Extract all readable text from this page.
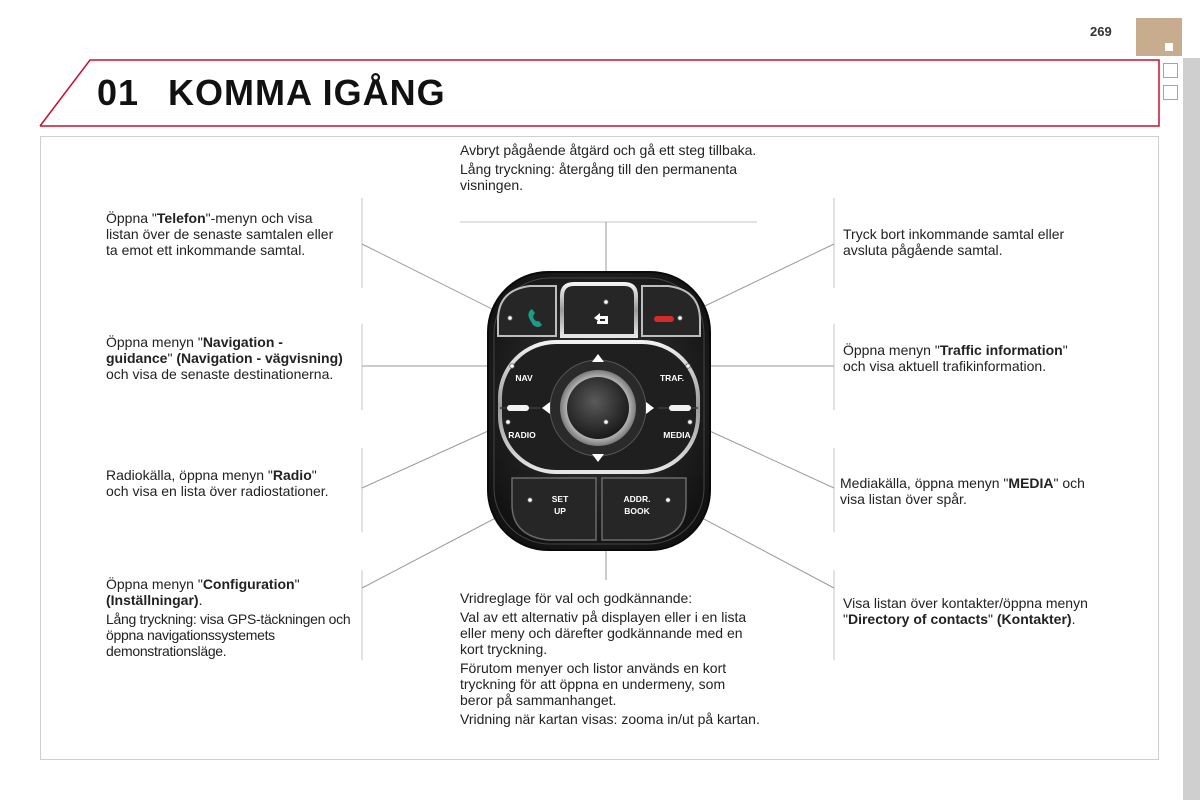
269
01 KOMMA IGÅNG
NAV	TRAF.
RADIO	MEDIA
SET
UP
ADDR.
BOOK

Avbryt pågående åtgärd och gå ett steg tillbaka.

Lång tryckning: återgång till den permanenta visningen.

Öppna "Telefon"-menyn och visa listan över de senaste samtalen eller ta emot ett inkommande samtal.
Tryck bort inkommande samtal eller avsluta pågående samtal.
Öppna menyn "Navigation - guidance" (Navigation - vägvisning) och visa de senaste destinationerna.
Öppna menyn "Traffic information" och visa aktuell trafikinformation.
Radiokälla, öppna menyn "Radio" och visa en lista över radiostationer.	Mediakälla, öppna menyn "MEDIA" och visa listan över spår.

Öppna menyn "Configuration" (Inställningar).

Lång tryckning: visa GPS-täckningen och öppna navigationssystemets demonstrationsläge.

Vridreglage för val och godkännande:

Val av ett alternativ på displayen eller i en lista eller meny och därefter godkännande med en kort tryckning.

Förutom menyer och listor används en kort tryckning för att öppna en undermeny, som beror på sammanhanget.

Vridning när kartan visas: zooma in/ut på kartan.

Visa listan över kontakter/öppna menyn "Directory of contacts" (Kontakter).
